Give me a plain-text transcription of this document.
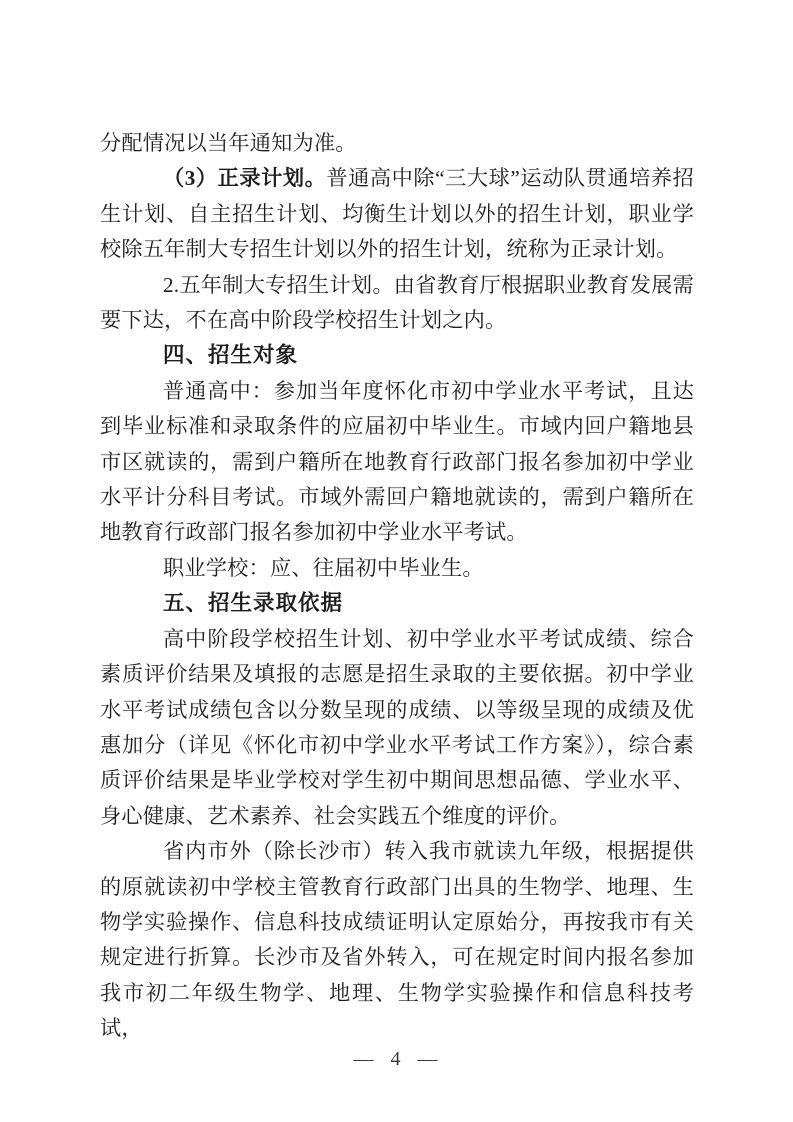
分配情况以当年通知为准。

（3）正录计划。普通高中除“三大球”运动队贯通培养招生计划、自主招生计划、均衡生计划以外的招生计划，职业学校除五年制大专招生计划以外的招生计划，统称为正录计划。

2.五年制大专招生计划。由省教育厅根据职业教育发展需要下达，不在高中阶段学校招生计划之内。

四、招生对象

普通高中：参加当年度怀化市初中学业水平考试，且达到毕业标准和录取条件的应届初中毕业生。市域内回户籍地县市区就读的，需到户籍所在地教育行政部门报名参加初中学业水平计分科目考试。市域外需回户籍地就读的，需到户籍所在地教育行政部门报名参加初中学业水平考试。

职业学校：应、往届初中毕业生。

五、招生录取依据

高中阶段学校招生计划、初中学业水平考试成绩、综合素质评价结果及填报的志愿是招生录取的主要依据。初中学业水平考试成绩包含以分数呈现的成绩、以等级呈现的成绩及优惠加分（详见《怀化市初中学业水平考试工作方案》），综合素质评价结果是毕业学校对学生初中期间思想品德、学业水平、身心健康、艺术素养、社会实践五个维度的评价。

省内市外（除长沙市）转入我市就读九年级，根据提供的原就读初中学校主管教育行政部门出具的生物学、地理、生物学实验操作、信息科技成绩证明认定原始分，再按我市有关规定进行折算。长沙市及省外转入，可在规定时间内报名参加我市初二年级生物学、地理、生物学实验操作和信息科技考试，

— 4 —
